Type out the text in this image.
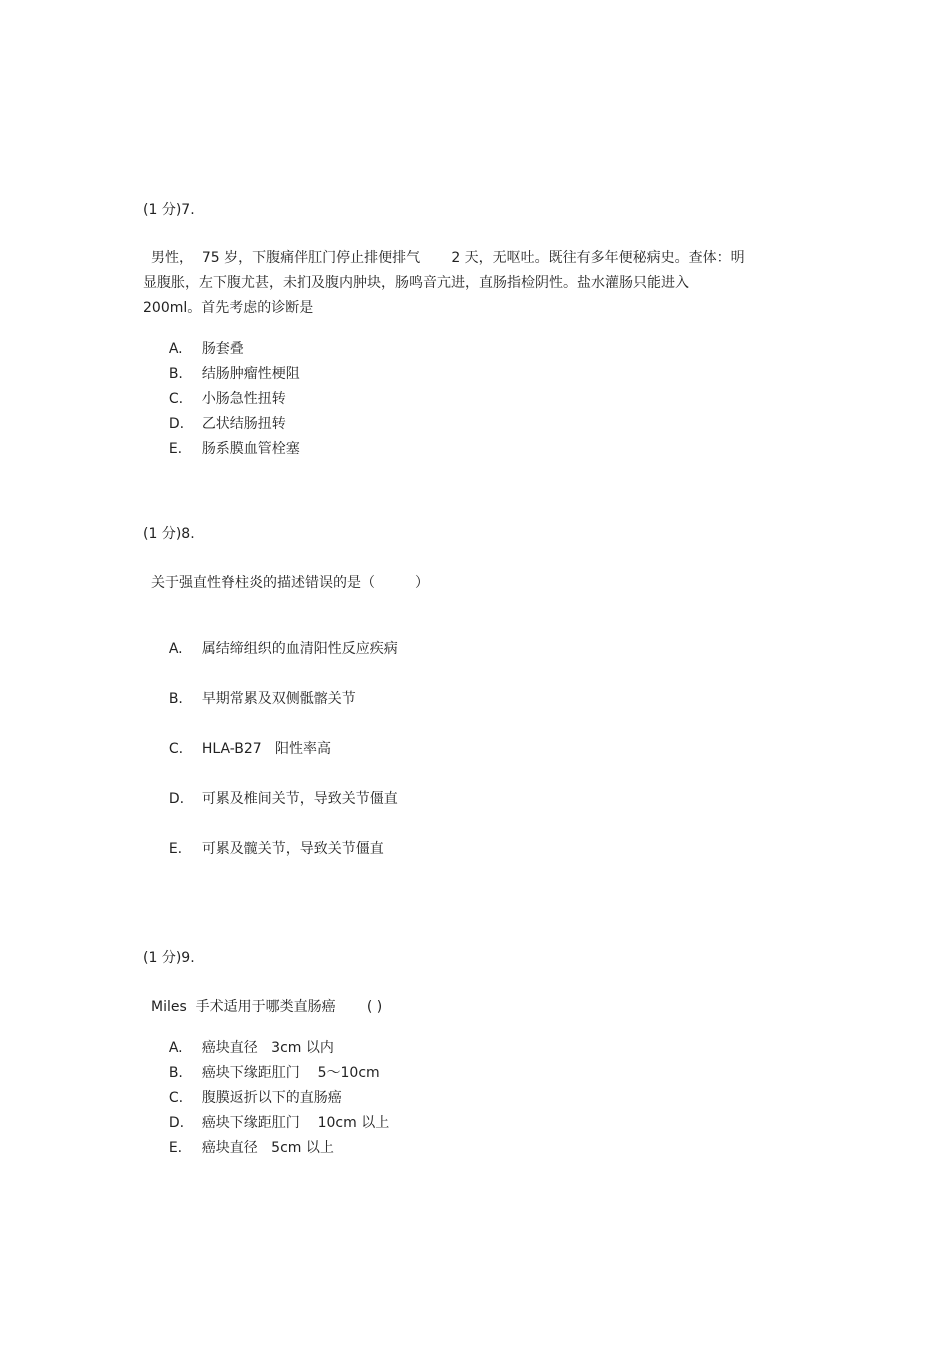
(1 分)7.
男性，  75 岁，下腹痛伴肛门停止排便排气       2 天，无呕吐。既往有多年便秘病史。查体：明
显腹胀，左下腹尤甚，未扪及腹内肿块，肠鸣音亢进，直肠指检阴性。盐水灌肠只能进入
200ml。首先考虑的诊断是

A. 肠套叠

B. 结肠肿瘤性梗阻

C. 小肠急性扭转

D. 乙状结肠扭转

E. 肠系膜血管栓塞

(1 分)8.
关于强直性脊柱炎的描述错误的是（         ）

A. 属结缔组织的血清阳性反应疾病

B. 早期常累及双侧骶髂关节

C. HLA-B27   阳性率高

D. 可累及椎间关节，导致关节僵直

E. 可累及髋关节，导致关节僵直

(1 分)9.
Miles  手术适用于哪类直肠癌       ( )

A. 癌块直径   3cm 以内

B. 癌块下缘距肛门    5～10cm

C. 腹膜返折以下的直肠癌

D. 癌块下缘距肛门    10cm 以上

E. 癌块直径   5cm 以上
